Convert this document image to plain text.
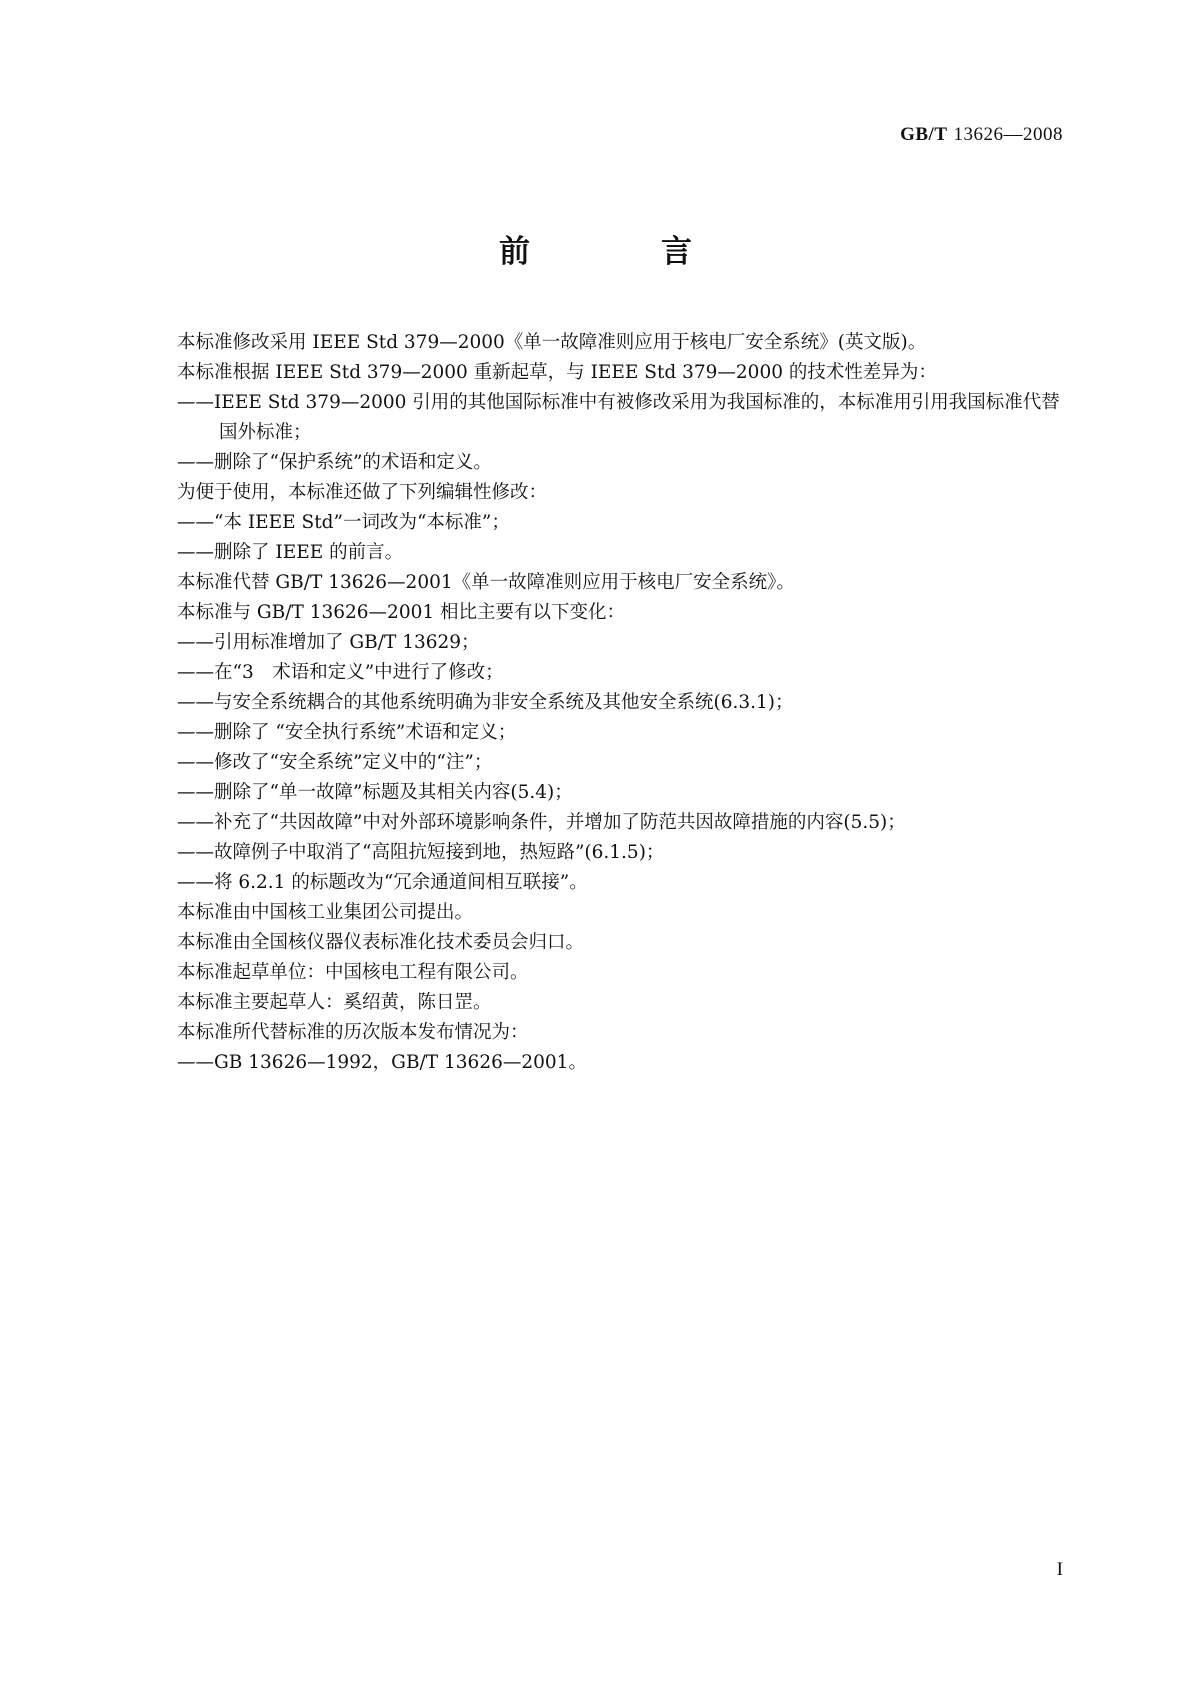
GB/T 13626—2008
前　言

本标准修改采用 IEEE Std 379—2000《单一故障准则应用于核电厂安全系统》(英文版)。

本标准根据 IEEE Std 379—2000 重新起草，与 IEEE Std 379—2000 的技术性差异为：

——IEEE Std 379—2000 引用的其他国际标准中有被修改采用为我国标准的，本标准用引用我国标准代替国外标准；

——删除了“保护系统”的术语和定义。

为便于使用，本标准还做了下列编辑性修改：

——“本 IEEE Std”一词改为“本标准”；

——删除了 IEEE 的前言。

本标准代替 GB/T 13626—2001《单一故障准则应用于核电厂安全系统》。

本标准与 GB/T 13626—2001 相比主要有以下变化：

——引用标准增加了 GB/T 13629；

——在“3　术语和定义”中进行了修改；

——与安全系统耦合的其他系统明确为非安全系统及其他安全系统(6.3.1)；

——删除了 “安全执行系统”术语和定义；

——修改了“安全系统”定义中的“注”；

——删除了“单一故障”标题及其相关内容(5.4)；

——补充了“共因故障”中对外部环境影响条件，并增加了防范共因故障措施的内容(5.5)；

——故障例子中取消了“高阻抗短接到地，热短路”(6.1.5)；

——将 6.2.1 的标题改为“冗余通道间相互联接”。

本标准由中国核工业集团公司提出。

本标准由全国核仪器仪表标准化技术委员会归口。

本标准起草单位：中国核电工程有限公司。

本标准主要起草人：奚绍黄，陈日罡。

本标准所代替标准的历次版本发布情况为：

——GB 13626—1992，GB/T 13626—2001。

I
